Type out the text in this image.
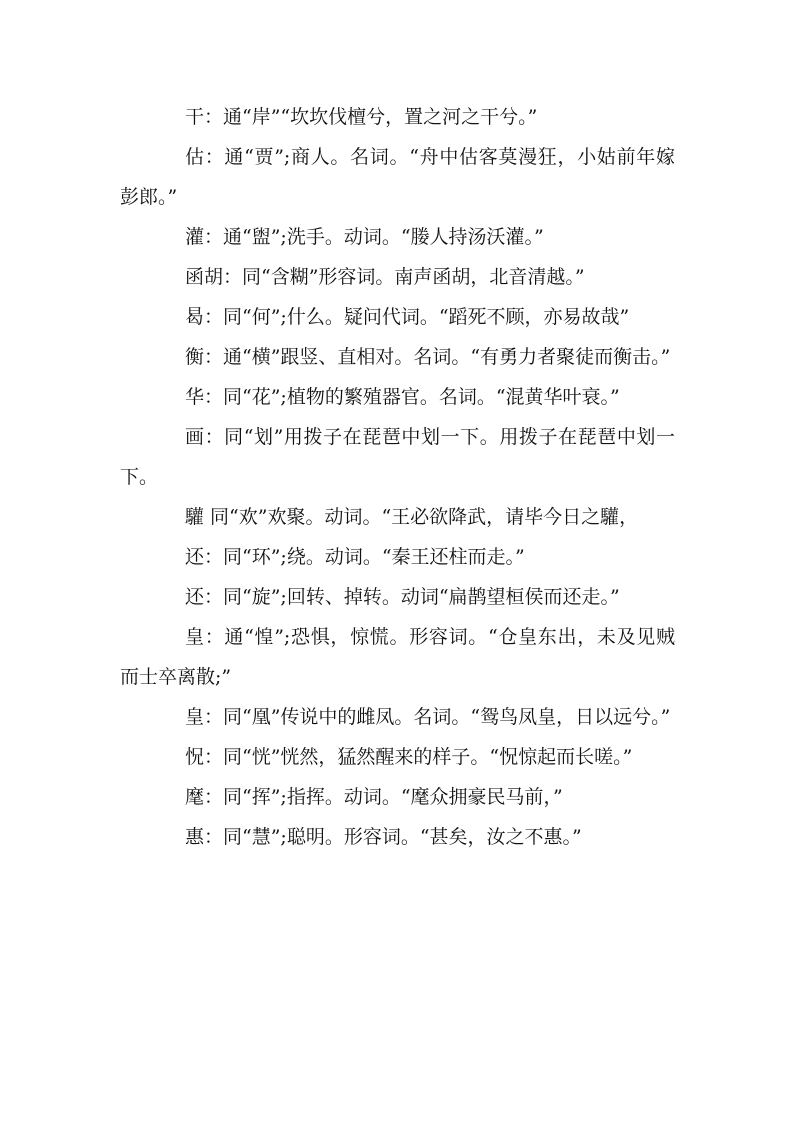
干：通“岸”“坎坎伐檀兮，置之河之干兮。”

估：通“贾”;商人。名词。“舟中估客莫漫狂，小姑前年嫁彭郎。”

灌：通“盥”;洗手。动词。“媵人持汤沃灌。”

函胡：同“含糊”形容词。南声函胡，北音清越。”

曷：同“何”;什么。疑问代词。“蹈死不顾，亦易故哉”

衡：通“横”跟竖、直相对。名词。“有勇力者聚徒而衡击。”

华：同“花”;植物的繁殖器官。名词。“混黄华叶衰。”

画：同“划”用拨子在琵琶中划一下。用拨子在琵琶中划一下。

驩 同“欢”欢聚。动词。“王必欲降武，请毕今日之驩，

还：同“环”;绕。动词。“秦王还柱而走。”

还：同“旋”;回转、掉转。动词“扁鹊望桓侯而还走。”

皇：通“惶”;恐惧，惊慌。形容词。“仓皇东出，未及见贼而士卒离散;”

皇：同“凰”传说中的雌凤。名词。“鸳鸟凤皇，日以远兮。”

怳：同“恍”恍然，猛然醒来的样子。“怳惊起而长嗟。”

麾：同“挥”;指挥。动词。“麾众拥豪民马前，”

惠：同“慧”;聪明。形容词。“甚矣，汝之不惠。”
